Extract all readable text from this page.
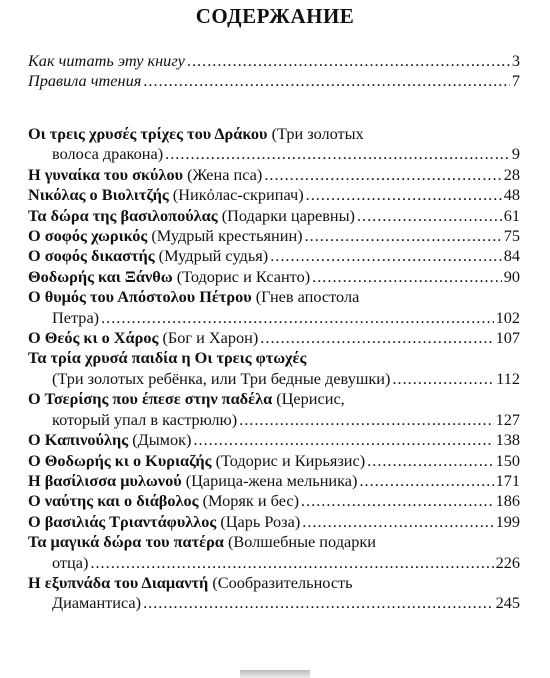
СОДЕРЖАНИЕ
Как читать эту книгу .....	3
Правила чтения .....	7
Οι τρεις χρυσές τρίχες του Δράκου (Три золотых
волоса дракона) .....	9
Η γυναίκα του σκύλου (Жена пса) .....	28
Νικόλας ο Βιολιτζής (Никόлас-скрипач) .....	48
Τα δώρα της βασιλοπούλας (Подарки царевны) .....	61
Ο σοφός χωρικός (Мудрый крестьянин) .....	75
Ο σοφός δικαστής (Мудрый судья) .....	84
Θοδωρής και Ξάνθω (Тодорис и Ксанто) .....	90
Ο θυμός του Απόστολου Πέτρου (Гнев апостола
Петра) .....	102
Ο Θεός κι ο Χάρος (Бог и Харон) .....	107
Τα τρία χρυσά παιδία η Οι τρεις φτωχές
(Три золотых ребёнка, или Три бедные девушки) .....	112
Ο Τσερίσης που έπεσε στην παδέλα (Церисис,
который упал в кастрюлю) .....	127
Ο Καπινούλης (Дымок) .....	138
Ο Θοδωρής κι ο Κυριαζής (Тодорис и Кирьязис) .....	150
Η βασίλισσα μυλωνού (Царица-жена мельника) .....	171
Ο ναύτης και ο διάβολος (Моряк и бес) .....	186
Ο βασιλιάς Τριαντάφυλλος (Царь Роза) .....	199
Τα μαγικά δώρα του πατέρα (Волшебные подарки
отца) .....	226
Η εξυπνάδα του Διαμαντή (Сообразительность
Диамантиса) .....	245
